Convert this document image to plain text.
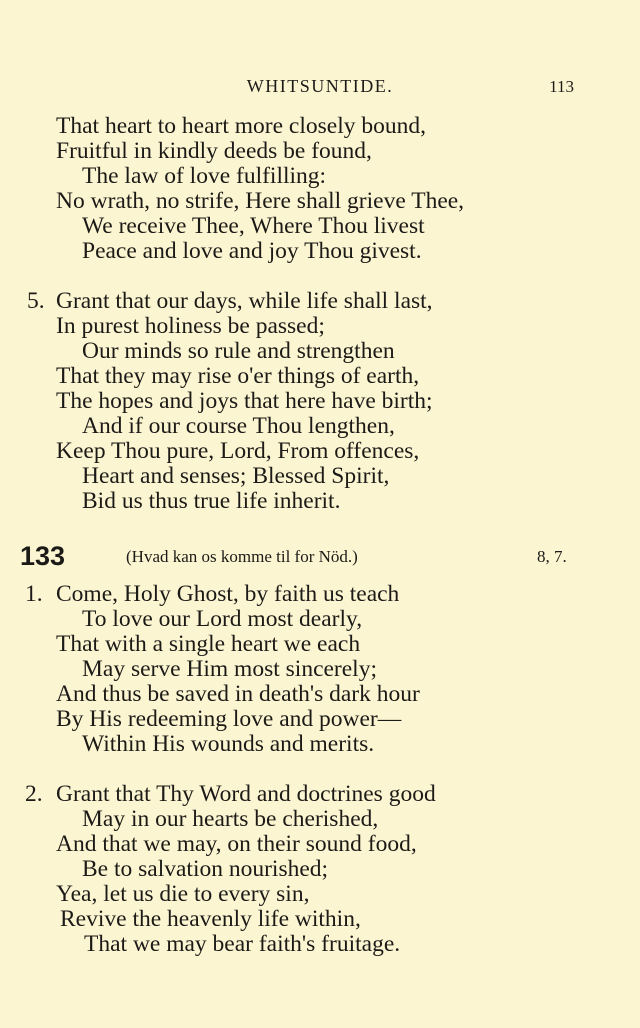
WHITSUNTIDE.	113
That heart to heart more closely bound,
Fruitful in kindly deeds be found,
The law of love fulfilling:
No wrath, no strife, Here shall grieve Thee,
We receive Thee, Where Thou livest
Peace and love and joy Thou givest.
5. Grant that our days, while life shall last,
In purest holiness be passed;
Our minds so rule and strengthen
That they may rise o'er things of earth,
The hopes and joys that here have birth;
And if our course Thou lengthen,
Keep Thou pure, Lord, From offences,
Heart and senses; Blessed Spirit,
Bid us thus true life inherit.
133	(Hvad kan os komme til for Nöd.)	8, 7.
1. Come, Holy Ghost, by faith us teach
To love our Lord most dearly,
That with a single heart we each
May serve Him most sincerely;
And thus be saved in death's dark hour
By His redeeming love and power—
Within His wounds and merits.
2. Grant that Thy Word and doctrines good
May in our hearts be cherished,
And that we may, on their sound food,
Be to salvation nourished;
Yea, let us die to every sin,
Revive the heavenly life within,
That we may bear faith's fruitage.
